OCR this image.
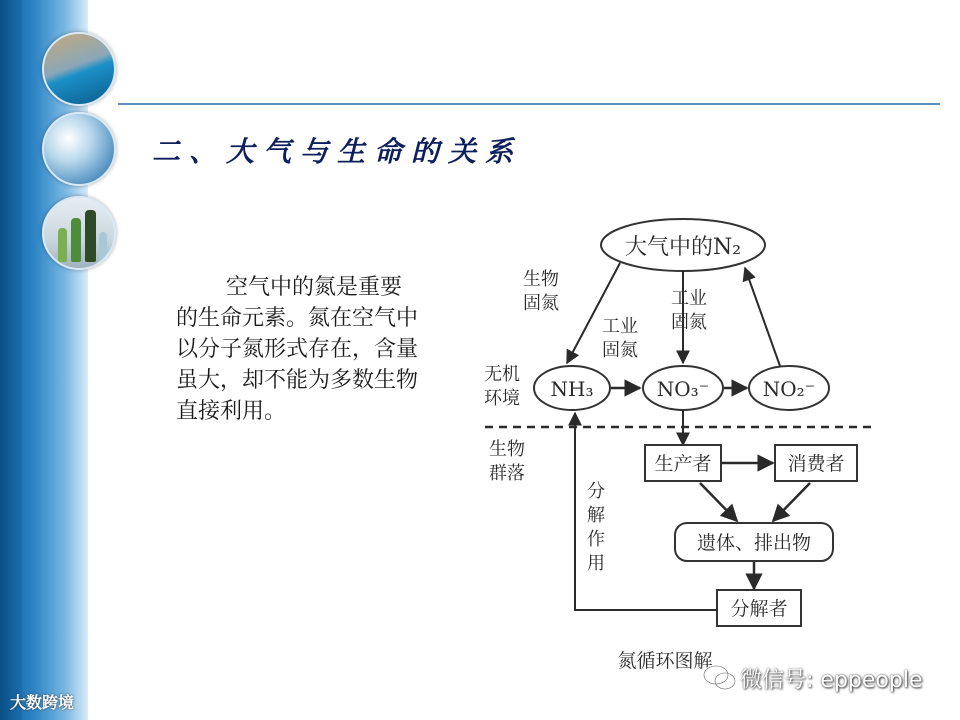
二、大气与生命的关系
空气中的氮是重要的生命元素。氮在空气中以分子氮形式存在，含量虽大，却不能为多数生物直接利用。
大气中的N₂
NH₃	NO₃⁻	NO₂⁻
生物
固氮
工业
固氮
工业
固氮
无机
环境
生物
群落	生产者	消费者
遗体、排出物
分解者
分
解
作
用
氮循环图解
微信号: eppeople
大数跨境
